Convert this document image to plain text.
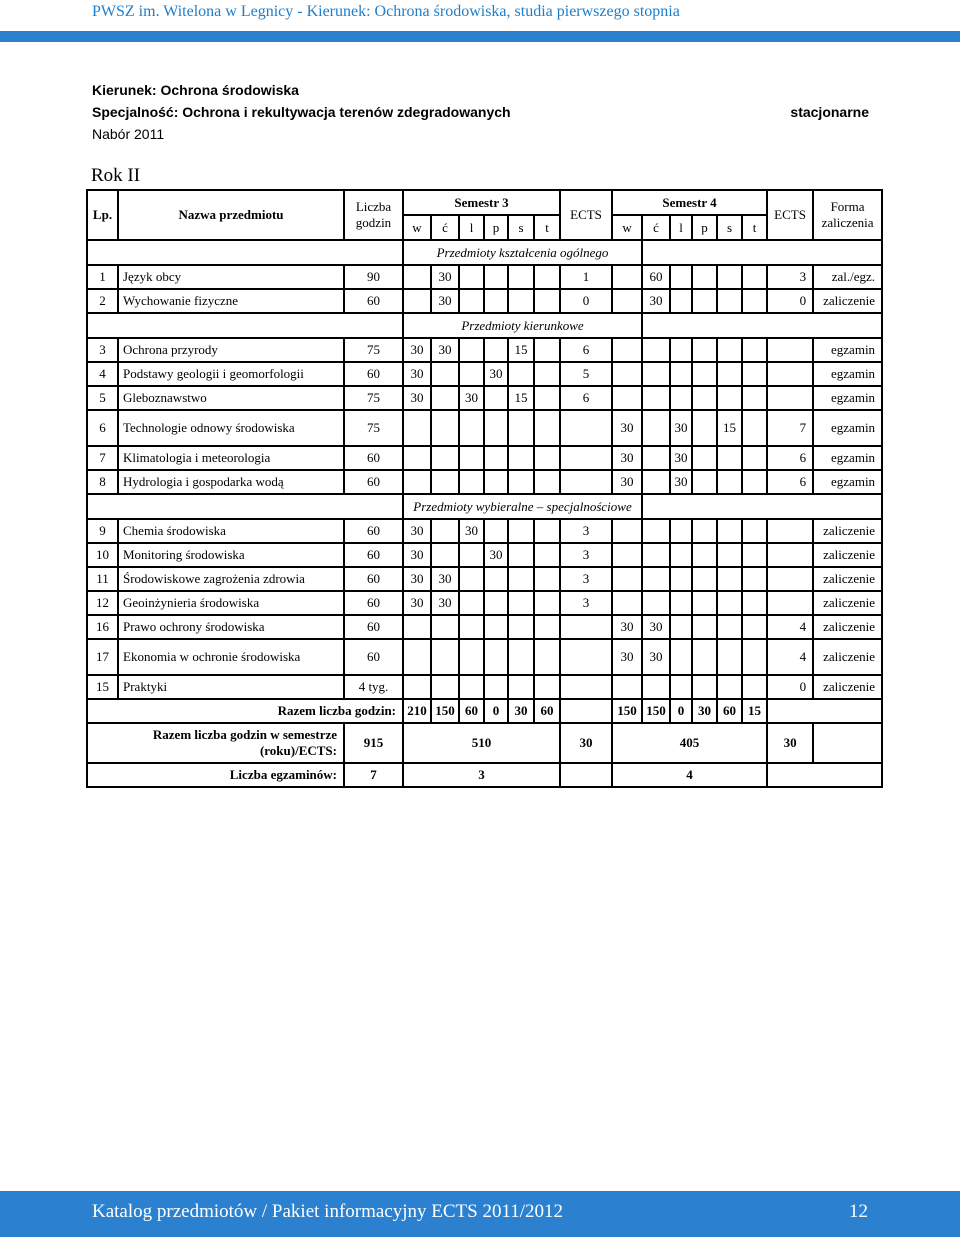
PWSZ im. Witelona w Legnicy - Kierunek: Ochrona środowiska, studia pierwszego stopnia
Kierunek: Ochrona środowiska
Specjalność: Ochrona i rekultywacja terenów zdegradowanych
Nabór 2011
stacjonarne
Rok II
Lp.	Nazwa przedmiotu	Liczba godzin	Semestr 3						ECTS	Semestr 4						ECTS	Forma zaliczenia
			w	ć	l	p	s	t		w	ć	l	p	s	t		
			Przedmioty kształcenia ogólnego														
1	Język obcy	90		30					1		60					3	zal./egz.
2	Wychowanie fizyczne	60		30					0		30					0	zaliczenie
			Przedmioty kierunkowe														
3	Ochrona przyrody	75	30	30			15		6								egzamin
4	Podstawy geologii i geomorfologii	60	30			30			5								egzamin
5	Gleboznawstwo	75	30		30		15		6								egzamin
6	Technologie odnowy środowiska	75								30		30		15		7	egzamin
7	Klimatologia i meteorologia	60								30		30				6	egzamin
8	Hydrologia i gospodarka wodą	60								30		30				6	egzamin
			Przedmioty wybieralne – specjalnościowe														
9	Chemia środowiska	60	30		30				3								zaliczenie
10	Monitoring środowiska	60	30			30			3								zaliczenie
11	Środowiskowe zagrożenia zdrowia	60	30	30					3								zaliczenie
12	Geoinżynieria środowiska	60	30	30					3								zaliczenie
16	Prawo ochrony środowiska	60								30	30					4	zaliczenie
17	Ekonomia w ochronie środowiska	60								30	30					4	zaliczenie
15	Praktyki	4 tyg.														0	zaliczenie
Razem liczba godzin:			210	150	60	0	30	60		150	150	0	30	60	15		
Razem liczba godzin w semestrze (roku)/ECTS:		915	510						30	405						30	
Liczba egzaminów:		7	3							4							
Katalog przedmiotów / Pakiet informacyjny ECTS 2011/2012	12
